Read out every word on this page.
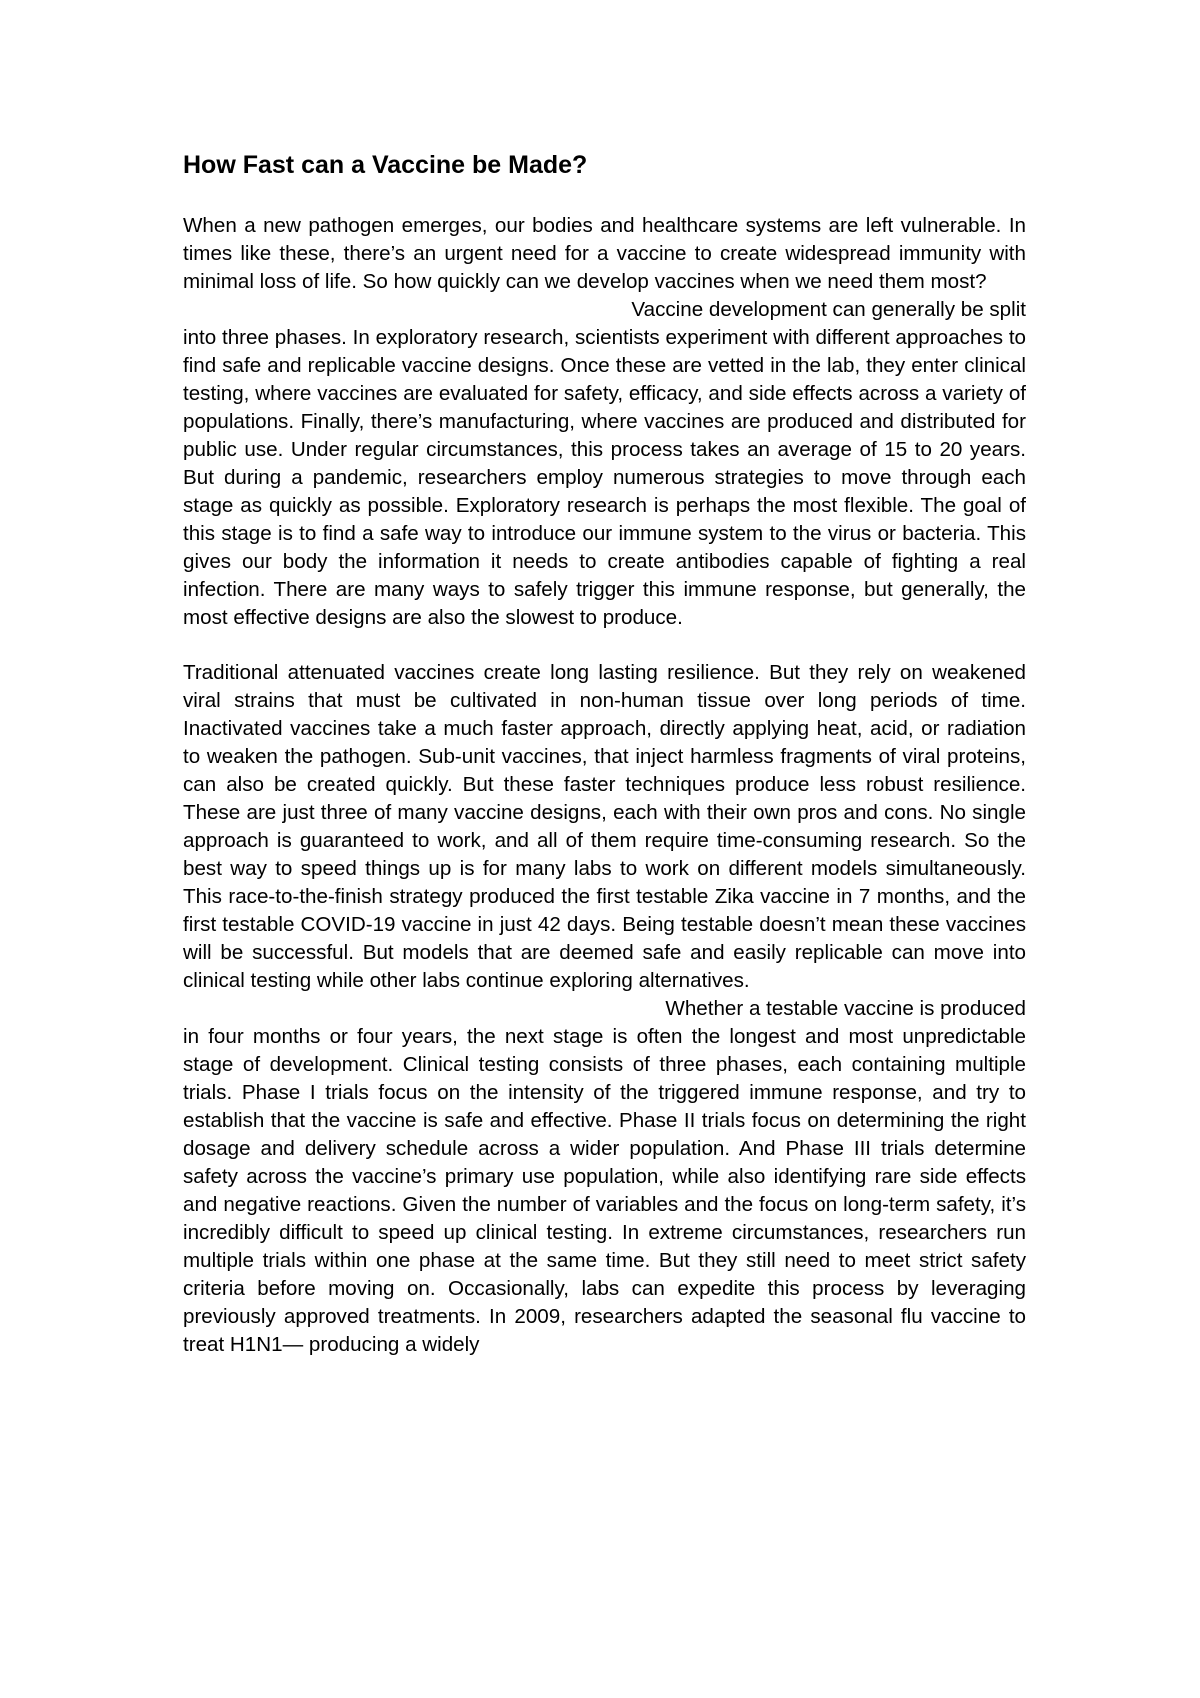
How Fast can a Vaccine be Made?

When a new pathogen emerges, our bodies and healthcare systems are left vulnerable. In times like these, there’s an urgent need for a vaccine to create widespread immunity with minimal loss of life. So how quickly can we develop vaccines when we need them most?

Vaccine development can generally be split

into three phases. In exploratory research, scientists experiment with different approaches to find safe and replicable vaccine designs. Once these are vetted in the lab, they enter clinical testing, where vaccines are evaluated for safety, efficacy, and side effects across a variety of populations. Finally, there’s manufacturing, where vaccines are produced and distributed for public use. Under regular circumstances, this process takes an average of 15 to 20 years. But during a pandemic, researchers employ numerous strategies to move through each stage as quickly as possible. Exploratory research is perhaps the most flexible. The goal of this stage is to find a safe way to introduce our immune system to the virus or bacteria. This gives our body the information it needs to create antibodies capable of fighting a real infection. There are many ways to safely trigger this immune response, but generally, the most effective designs are also the slowest to produce.

Traditional attenuated vaccines create long lasting resilience. But they rely on weakened viral strains that must be cultivated in non-human tissue over long periods of time. Inactivated vaccines take a much faster approach, directly applying heat, acid, or radiation to weaken the pathogen. Sub-unit vaccines, that inject harmless fragments of viral proteins, can also be created quickly. But these faster techniques produce less robust resilience. These are just three of many vaccine designs, each with their own pros and cons. No single approach is guaranteed to work, and all of them require time-consuming research. So the best way to speed things up is for many labs to work on different models simultaneously. This race-to-the-finish strategy produced the first testable Zika vaccine in 7 months, and the first testable COVID-19 vaccine in just 42 days. Being testable doesn’t mean these vaccines will be successful. But models that are deemed safe and easily replicable can move into clinical testing while other labs continue exploring alternatives.

Whether a testable vaccine is produced

in four months or four years, the next stage is often the longest and most unpredictable stage of development. Clinical testing consists of three phases, each containing multiple trials. Phase I trials focus on the intensity of the triggered immune response, and try to establish that the vaccine is safe and effective. Phase II trials focus on determining the right dosage and delivery schedule across a wider population. And Phase III trials determine safety across the vaccine’s primary use population, while also identifying rare side effects and negative reactions. Given the number of variables and the focus on long-term safety, it’s incredibly difficult to speed up clinical testing. In extreme circumstances, researchers run multiple trials within one phase at the same time. But they still need to meet strict safety criteria before moving on. Occasionally, labs can expedite this process by leveraging previously approved treatments. In 2009, researchers adapted the seasonal flu vaccine to treat H1N1— producing a widely
